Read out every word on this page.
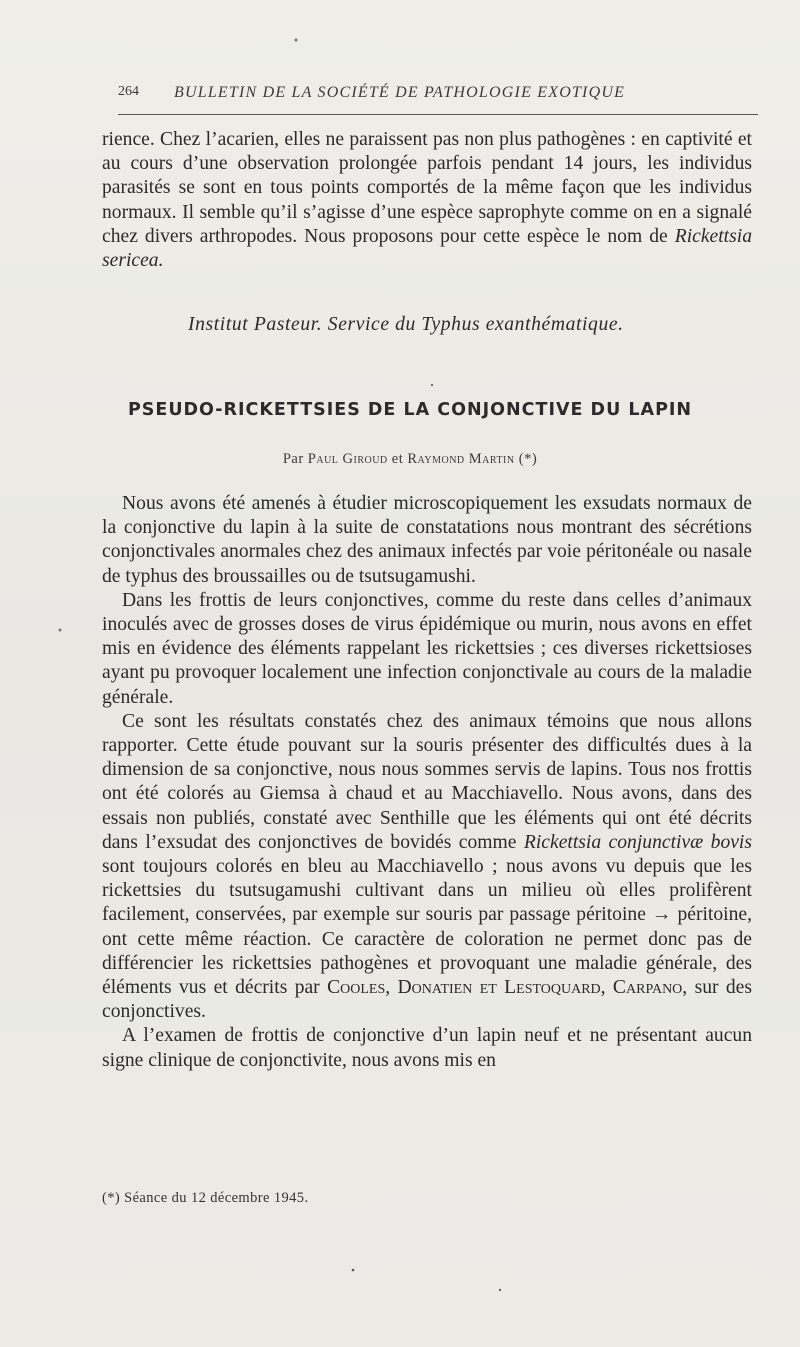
264 BULLETIN DE LA SOCIÉTÉ DE PATHOLOGIE EXOTIQUE

rience. Chez l’acarien, elles ne paraissent pas non plus pathogènes : en captivité et au cours d’une observation prolongée parfois pendant 14 jours, les individus parasités se sont en tous points comportés de la même façon que les individus normaux. Il semble qu’il s’agisse d’une espèce saprophyte comme on en a signalé chez divers arthropodes. Nous proposons pour cette espèce le nom de Rickettsia sericea.

Institut Pasteur. Service du Typhus exanthématique.
PSEUDO-RICKETTSIES DE LA CONJONCTIVE DU LAPIN
Par Paul Giroud et Raymond Martin (*)

Nous avons été amenés à étudier microscopiquement les exsudats normaux de la conjonctive du lapin à la suite de constatations nous montrant des sécrétions conjonctivales anormales chez des animaux infectés par voie péritonéale ou nasale de typhus des broussailles ou de tsutsugamushi.

Dans les frottis de leurs conjonctives, comme du reste dans celles d’animaux inoculés avec de grosses doses de virus épidémique ou murin, nous avons en effet mis en évidence des éléments rappelant les rickettsies ; ces diverses rickettsioses ayant pu provoquer localement une infection conjonctivale au cours de la maladie générale.

Ce sont les résultats constatés chez des animaux témoins que nous allons rapporter. Cette étude pouvant sur la souris présenter des difficultés dues à la dimension de sa conjonctive, nous nous sommes servis de lapins. Tous nos frottis ont été colorés au Giemsa à chaud et au Macchiavello. Nous avons, dans des essais non publiés, constaté avec Senthille que les éléments qui ont été décrits dans l’exsudat des conjonctives de bovidés comme Rickettsia conjunctivæ bovis sont toujours colorés en bleu au Macchiavello ; nous avons vu depuis que les rickettsies du tsutsugamushi cultivant dans un milieu où elles prolifèrent facilement, conservées, par exemple sur souris par passage péritoine → péritoine, ont cette même réaction. Ce caractère de coloration ne permet donc pas de différencier les rickettsies pathogènes et provoquant une maladie générale, des éléments vus et décrits par Cooles, Donatien et Lestoquard, Carpano, sur des conjonctives.

A l’examen de frottis de conjonctive d’un lapin neuf et ne présentant aucun signe clinique de conjonctivite, nous avons mis en

(*) Séance du 12 décembre 1945.
